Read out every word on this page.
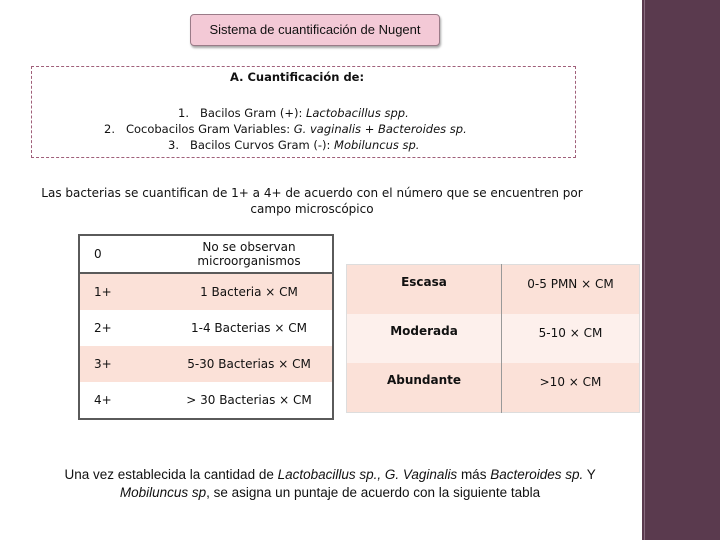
Sistema de cuantificación de Nugent
A. Cuantificación de:
1. Bacilos Gram (+): Lactobacillus spp.
2. Cocobacilos Gram Variables: G. vaginalis + Bacteroides sp.
3. Bacilos Curvos Gram (-): Mobiluncus sp.
Las bacterias se cuantifican de 1+ a 4+ de acuerdo con el número que se encuentren por campo microscópico
0	No se observan microorganismos
1+	1 Bacteria × CM
2+	1-4 Bacterias × CM
3+	5-30 Bacterias × CM
4+	> 30 Bacterias × CM
Escasa	0-5 PMN × CM
Moderada	5-10 × CM
Abundante	>10 × CM
Una vez establecida la cantidad de Lactobacillus sp., G. Vaginalis más Bacteroides sp. Y Mobiluncus sp, se asigna un puntaje de acuerdo con la siguiente tabla
